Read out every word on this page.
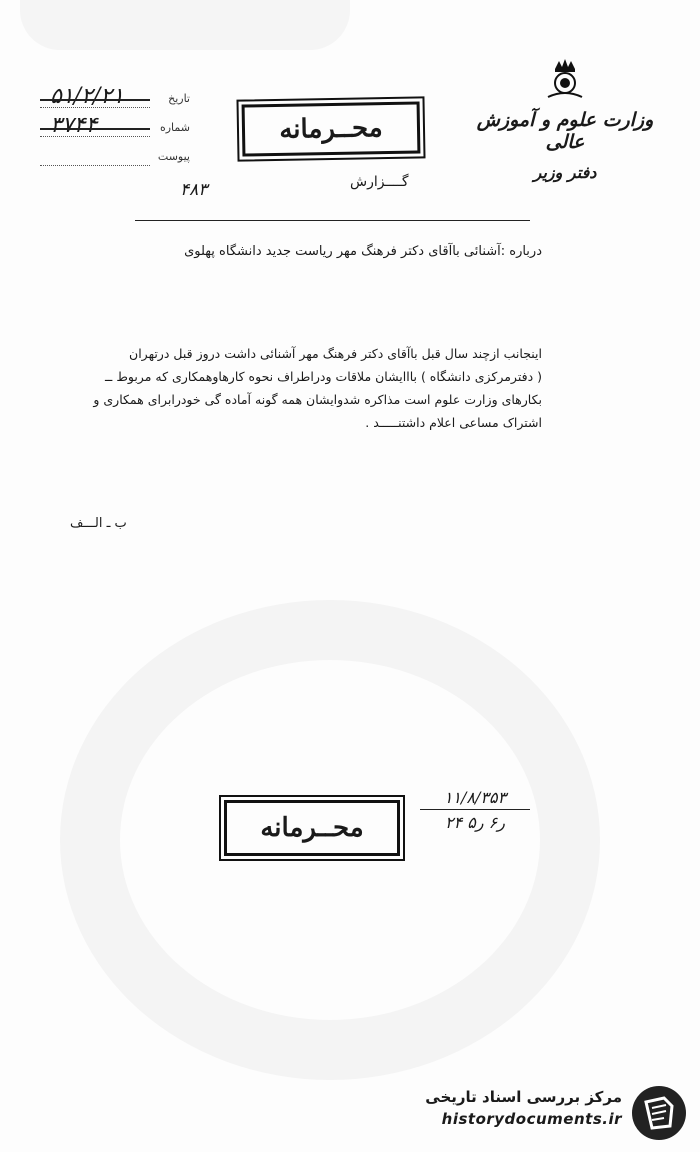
وزارت علوم و آموزش عالی
دفتر وزیر
تاریخ
۵۱/۲/۲۱
شماره
۳۷۴۴
پیوست
محــرمانه
گــــزارش
۴۸۳
درباره :آشنائی باآقای دکتر فرهنگ مهر ریاست جدید دانشگاه پهلوی

اینجانب ازچند سال قبل باآقای دکتر فرهنگ مهر آشنائی داشت دروز قبل درتهران

( دفترمرکزی دانشگاه ) بااایشان ملاقات ودراطراف نحوه کارهاوهمکاری که مربوط ــ

بکارهای وزارت علوم است مذاکره شدوایشان همه گونه آماده گی خودرابرای همکاری و

اشتراک مساعی اعلام داشتنـــــد .

ب ـ الـــف
محــرمانه
۱۱/۸/۳۵۳
۲۴ ر۶ ر۵
مرکز بررسی اسناد تاریخی
historydocuments.ir
